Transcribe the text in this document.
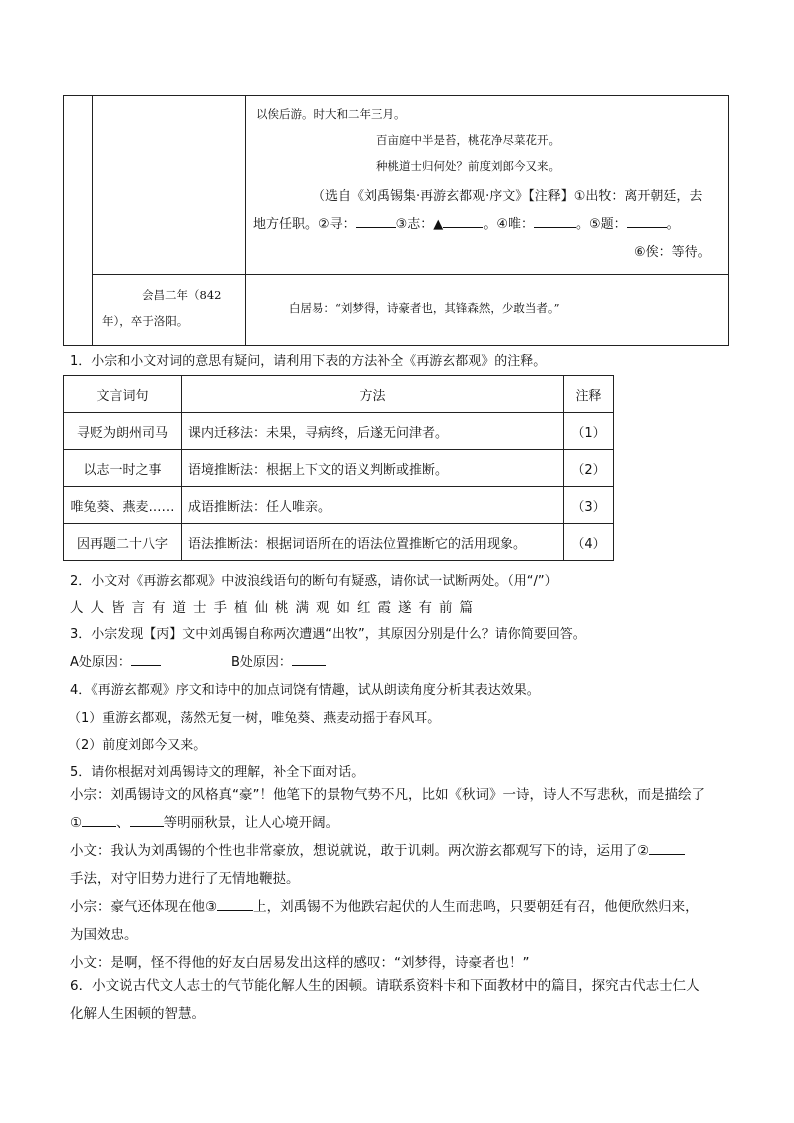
以俟后游。时大和二年三月。
百亩庭中半是苔，桃花净尽菜花开。
种桃道士归何处？前度刘郎今又来。
（选自《刘禹锡集·再游玄都观·序文》【注释】①出牧：离开朝廷，去
地方任职。②寻：	③志：▲	。④唯：	。⑤题：	。
⑥俟：等待。
会昌二年（842
年），卒于洛阳。
白居易：“刘梦得，诗豪者也，其锋森然，少敢当者。”
1．小宗和小文对词的意思有疑问，请利用下表的方法补全《再游玄都观》的注释。
文言词句	方法	注释
寻贬为朗州司马	课内迁移法：未果，寻病终，后遂无问津者。	（1）
以志一时之事	语境推断法：根据上下文的语义判断或推断。	（2）
唯兔葵、燕麦……	成语推断法：任人唯亲。	（3）
因再题二十八字	语法推断法：根据词语所在的语法位置推断它的活用现象。	（4）
2．小文对《再游玄都观》中波浪线语句的断句有疑惑，请你试一试断两处。（用“/”）
人人皆言有道士手植仙桃满观如红霞遂有前篇
3．小宗发现【丙】文中刘禹锡自称两次遭遇“出牧”，其原因分别是什么？请你简要回答。
A处原因：	B处原因：
4．《再游玄都观》序文和诗中的加点词饶有情趣，试从朗读角度分析其表达效果。
（1）重游玄都观，荡然无复一树，唯兔葵、燕麦动摇于春风耳。
（2）前度刘郎今又来。
5．请你根据对刘禹锡诗文的理解，补全下面对话。
小宗：刘禹锡诗文的风格真“豪”！他笔下的景物气势不凡，比如《秋词》一诗，诗人不写悲秋，而是描绘了
①	、	等明丽秋景，让人心境开阔。
小文：我认为刘禹锡的个性也非常豪放，想说就说，敢于讥刺。两次游玄都观写下的诗，运用了②
手法，对守旧势力进行了无情地鞭挞。
小宗：豪气还体现在他③	上，刘禹锡不为他跌宕起伏的人生而悲鸣，只要朝廷有召，他便欣然归来，
为国效忠。
小文：是啊，怪不得他的好友白居易发出这样的感叹：“刘梦得，诗豪者也！”
6．小文说古代文人志士的气节能化解人生的困顿。请联系资料卡和下面教材中的篇目，探究古代志士仁人
化解人生困顿的智慧。
